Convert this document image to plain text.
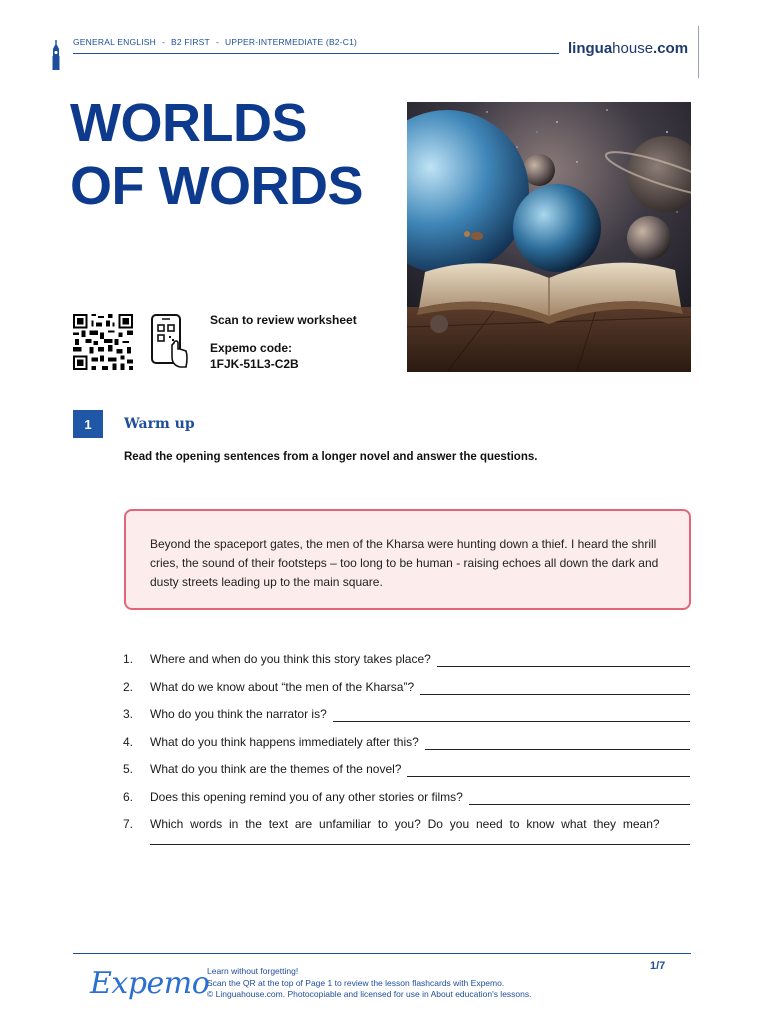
GENERAL ENGLISH - B2 FIRST - UPPER-INTERMEDIATE (B2-C1)	linguahouse.com
WORLDS
OF WORDS
Scan to review worksheet
Expemo code:
1FJK-51L3-C2B
1	Warm up
Read the opening sentences from a longer novel and answer the questions.

Beyond the spaceport gates, the men of the Kharsa were hunting down a thief. I heard the shrill cries, the sound of their footsteps – too long to be human - raising echoes all down the dark and dusty streets leading up to the main square.

1.	Where and when do you think this story takes place?
2.	What do we know about “the men of the Kharsa”?
3.	Who do you think the narrator is?
4.	What do you think happens immediately after this?
5.	What do you think are the themes of the novel?
6.	Does this opening remind you of any other stories or films?
7.	Which words in the text are unfamiliar to you? Do you need to know what they mean?
Expemo
Learn without forgetting!
Scan the QR at the top of Page 1 to review the lesson flashcards with Expemo.
© Linguahouse.com. Photocopiable and licensed for use in About education's lessons.
1/7
